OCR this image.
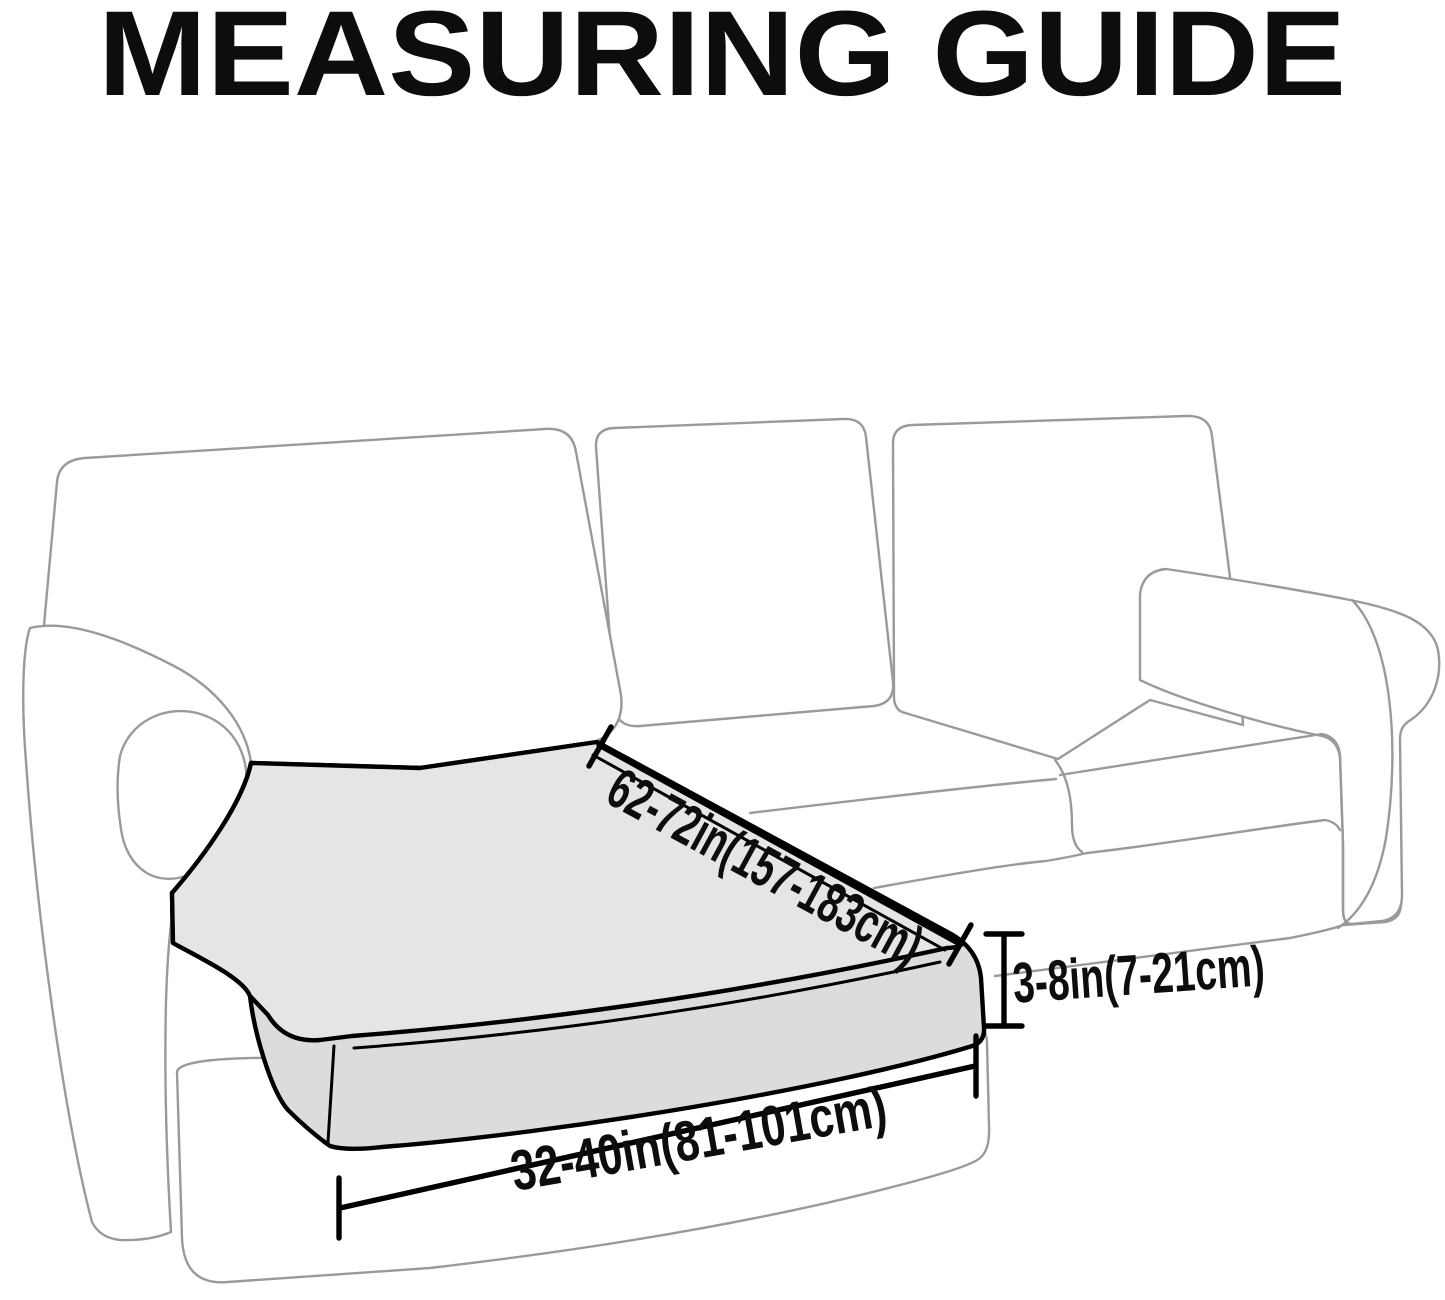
MEASURING GUIDE
62-72in(157-183cm)
3-8in(7-21cm)
32-40in(81-101cm)
